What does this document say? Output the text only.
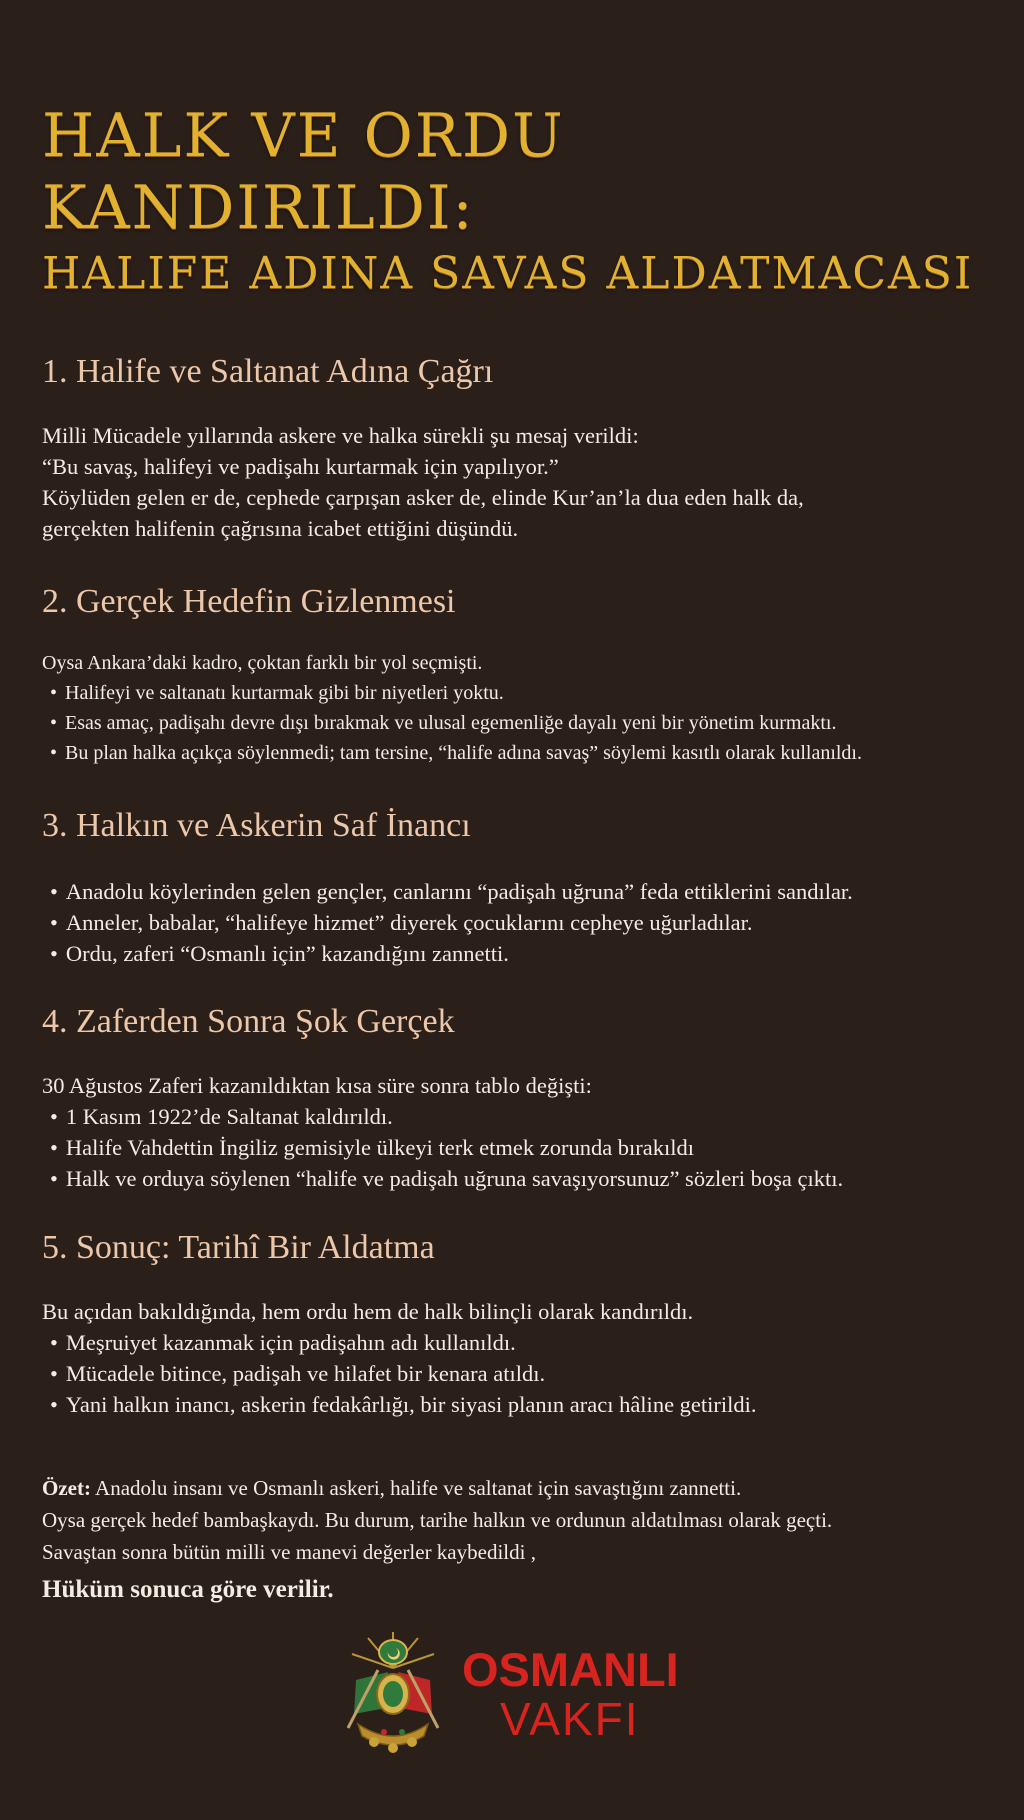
HALK VE ORDU
KANDIRILDI:
HALIFE ADINA SAVAS ALDATMACASI
1. Halife ve Saltanat Adına Çağrı

Milli Mücadele yıllarında askere ve halka sürekli şu mesaj verildi:

“Bu savaş, halifeyi ve padişahı kurtarmak için yapılıyor.”

Köylüden gelen er de, cephede çarpışan asker de, elinde Kur’an’la dua eden halk da,

gerçekten halifenin çağrısına icabet ettiğini düşündü.

2. Gerçek Hedefin Gizlenmesi

Oysa Ankara’daki kadro, çoktan farklı bir yol seçmişti.

• Halifeyi ve saltanatı kurtarmak gibi bir niyetleri yoktu.
• Esas amaç, padişahı devre dışı bırakmak ve ulusal egemenliğe dayalı yeni bir yönetim kurmaktı.
• Bu plan halka açıkça söylenmedi; tam tersine, “halife adına savaş” söylemi kasıtlı olarak kullanıldı.
3. Halkın ve Askerin Saf İnancı
• Anadolu köylerinden gelen gençler, canlarını “padişah uğruna” feda ettiklerini sandılar.
• Anneler, babalar, “halifeye hizmet” diyerek çocuklarını cepheye uğurladılar.
• Ordu, zaferi “Osmanlı için” kazandığını zannetti.
4. Zaferden Sonra Şok Gerçek

30 Ağustos Zaferi kazanıldıktan kısa süre sonra tablo değişti:

• 1 Kasım 1922’de Saltanat kaldırıldı.
• Halife Vahdettin İngiliz gemisiyle ülkeyi terk etmek zorunda bırakıldı
• Halk ve orduya söylenen “halife ve padişah uğruna savaşıyorsunuz” sözleri boşa çıktı.
5. Sonuç: Tarihî Bir Aldatma

Bu açıdan bakıldığında, hem ordu hem de halk bilinçli olarak kandırıldı.

• Meşruiyet kazanmak için padişahın adı kullanıldı.
• Mücadele bitince, padişah ve hilafet bir kenara atıldı.
• Yani halkın inancı, askerin fedakârlığı, bir siyasi planın aracı hâline getirildi.

Özet: Anadolu insanı ve Osmanlı askeri, halife ve saltanat için savaştığını zannetti.

Oysa gerçek hedef bambaşkaydı. Bu durum, tarihe halkın ve ordunun aldatılması olarak geçti.

Savaştan sonra bütün milli ve manevi değerler kaybedildi ,

Hüküm sonuca göre verilir.

OSMANLI
VAKFI
